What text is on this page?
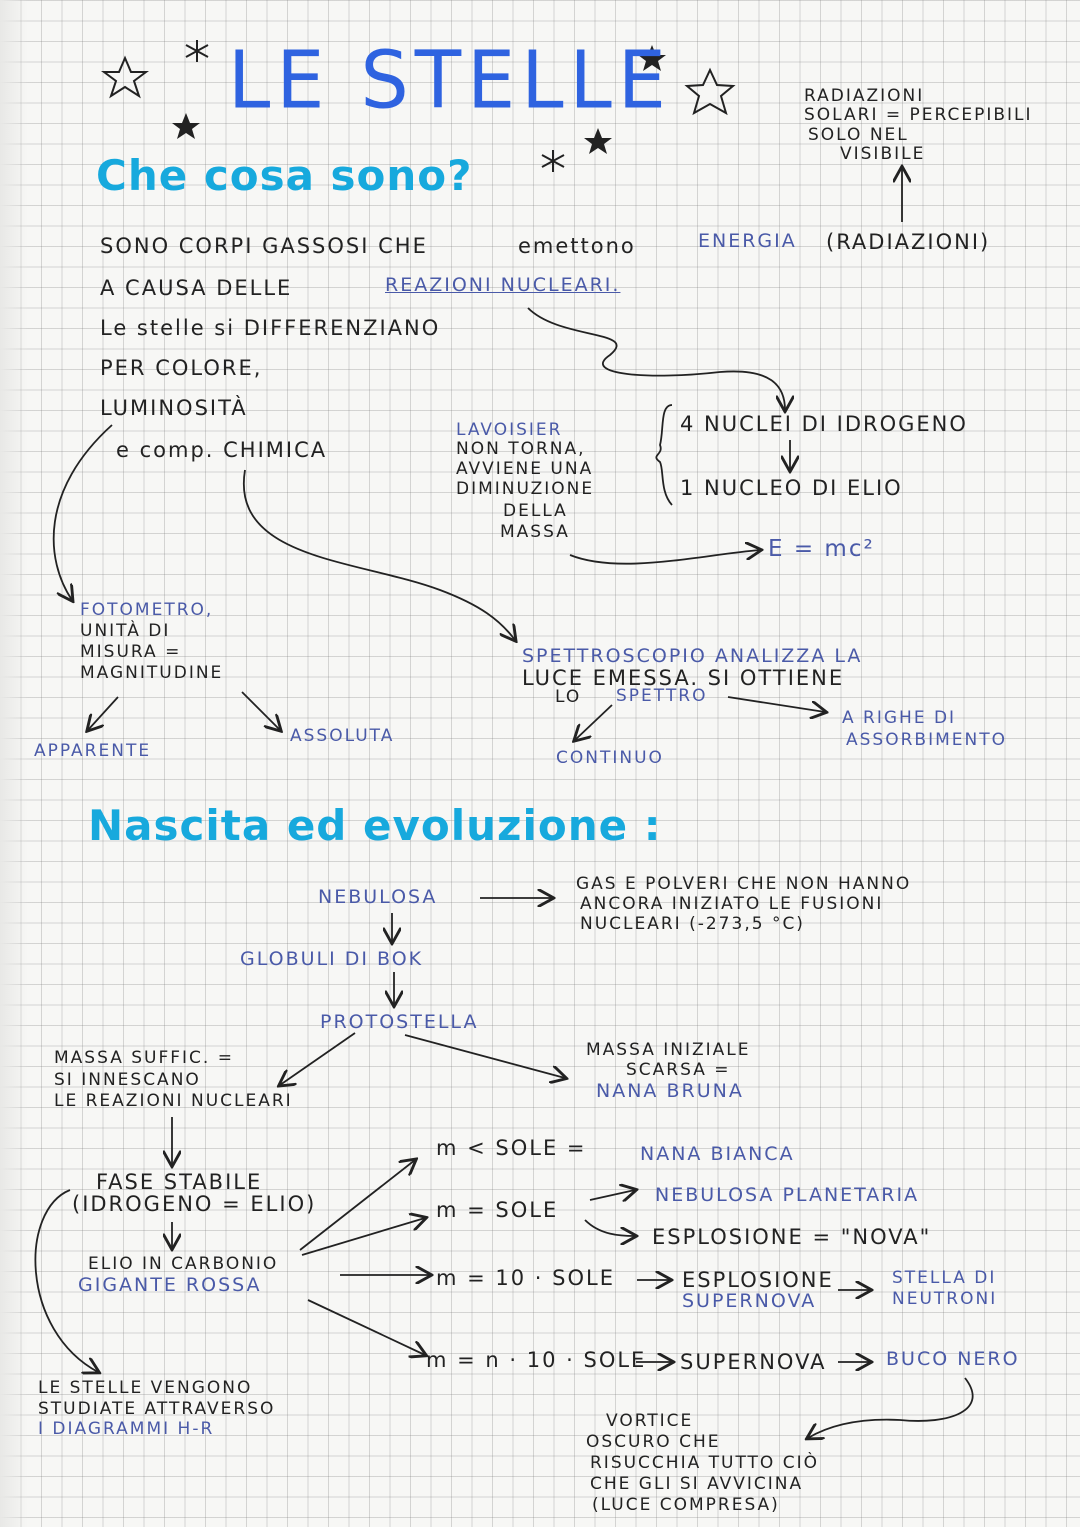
LE STELLE
Che cosa sono?
RADIAZIONI
SOLARI = PERCEPIBILI
SOLO NEL
VISIBILE
SONO CORPI GASSOSI CHE	emettono	ENERGIA (RADIAZIONI)
A CAUSA DELLE	REAZIONI NUCLEARI.
Le stelle si DIFFERENZIANO
PER COLORE,
LUMINOSITÀ
e comp. CHIMICA
LAVOISIER
NON TORNA,
AVVIENE UNA
DIMINUZIONE
DELLA
MASSA
4 NUCLEI DI IDROGENO
1 NUCLEO DI ELIO
E = mc²
FOTOMETRO,
UNITÀ DI
MISURA =
MAGNITUDINE
APPARENTE
ASSOLUTA
SPETTROSCOPIO ANALIZZA LA
LUCE EMESSA. SI OTTIENE
LO SPETTRO
A RIGHE DI
ASSORBIMENTO
CONTINUO
Nascita ed evoluzione :
NEBULOSA
GAS E POLVERI CHE NON HANNO
ANCORA INIZIATO LE FUSIONI
NUCLEARI (-273,5 °C)
GLOBULI DI BOK
PROTOSTELLA
MASSA SUFFIC. =
SI INNESCANO
LE REAZIONI NUCLEARI
MASSA INIZIALE
SCARSA =
NANA BRUNA
FASE STABILE
(IDROGENO = ELIO)
ELIO IN CARBONIO
GIGANTE ROSSA
m < SOLE =	NANA BIANCA
m = SOLE
NEBULOSA PLANETARIA
ESPLOSIONE = "NOVA"
m = 10 · SOLE	ESPLOSIONE
SUPERNOVA
STELLA DI
NEUTRONI
m = n · 10 · SOLE SUPERNOVA	BUCO NERO
LE STELLE VENGONO
STUDIATE ATTRAVERSO
I DIAGRAMMI H-R	VORTICE
OSCURO CHE
RISUCCHIA TUTTO CIÒ
CHE GLI SI AVVICINA
(LUCE COMPRESA)
